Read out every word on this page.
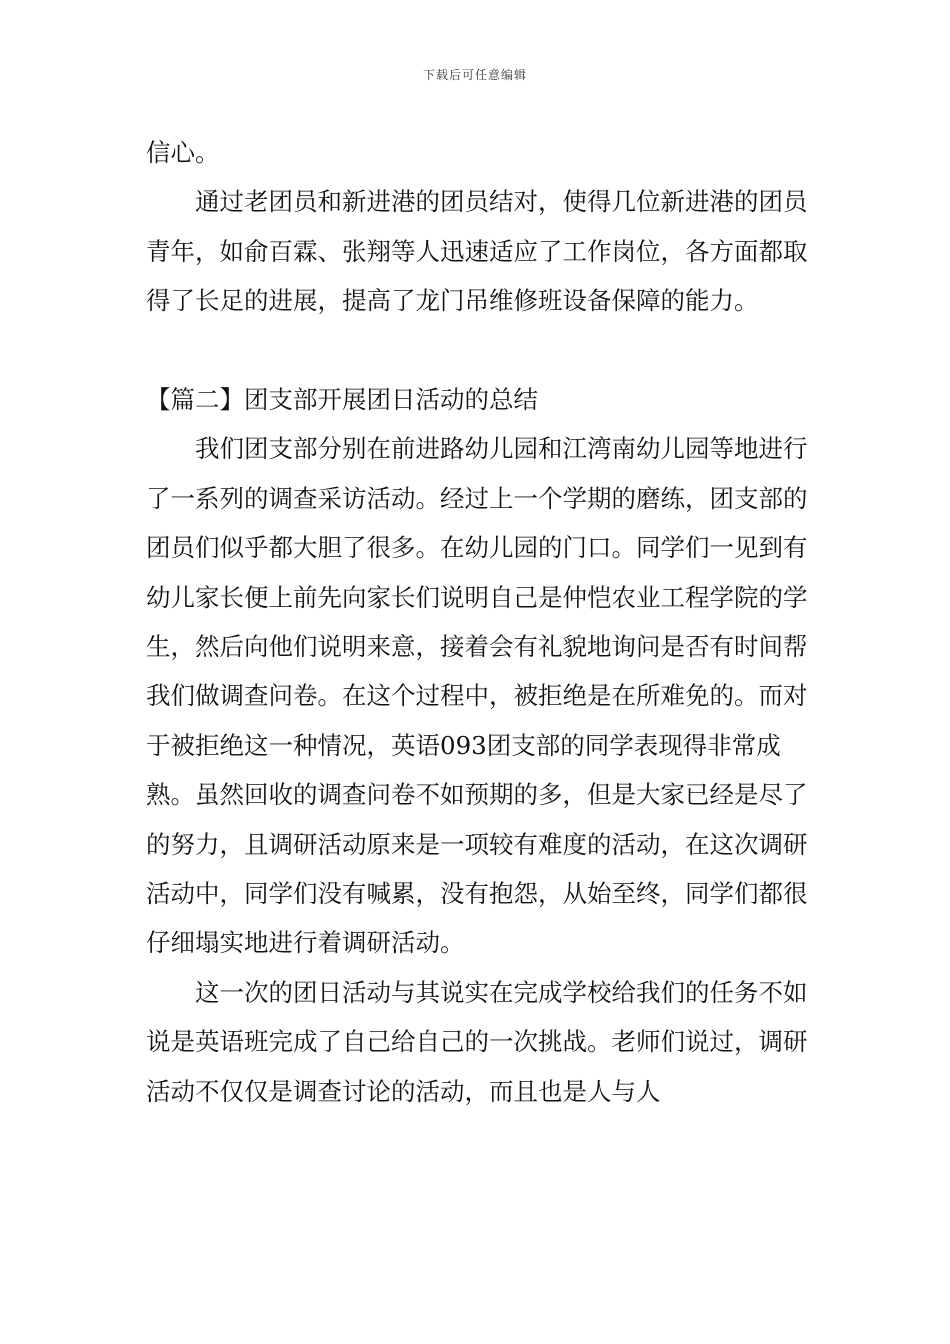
下载后可任意编辑

信心。

通过老团员和新进港的团员结对，使得几位新进港的团员青年，如俞百霖、张翔等人迅速适应了工作岗位，各方面都取得了长足的进展，提高了龙门吊维修班设备保障的能力。

【篇二】团支部开展团日活动的总结

我们团支部分别在前进路幼儿园和江湾南幼儿园等地进行了一系列的调查采访活动。经过上一个学期的磨练，团支部的团员们似乎都大胆了很多。在幼儿园的门口。同学们一见到有幼儿家长便上前先向家长们说明自己是仲恺农业工程学院的学生，然后向他们说明来意，接着会有礼貌地询问是否有时间帮我们做调查问卷。在这个过程中，被拒绝是在所难免的。而对于被拒绝这一种情况，英语093团支部的同学表现得非常成熟。虽然回收的调查问卷不如预期的多，但是大家已经是尽了的努力，且调研活动原来是一项较有难度的活动，在这次调研活动中，同学们没有喊累，没有抱怨，从始至终，同学们都很仔细塌实地进行着调研活动。

这一次的团日活动与其说实在完成学校给我们的任务不如说是英语班完成了自己给自己的一次挑战。老师们说过，调研活动不仅仅是调查讨论的活动，而且也是人与人
